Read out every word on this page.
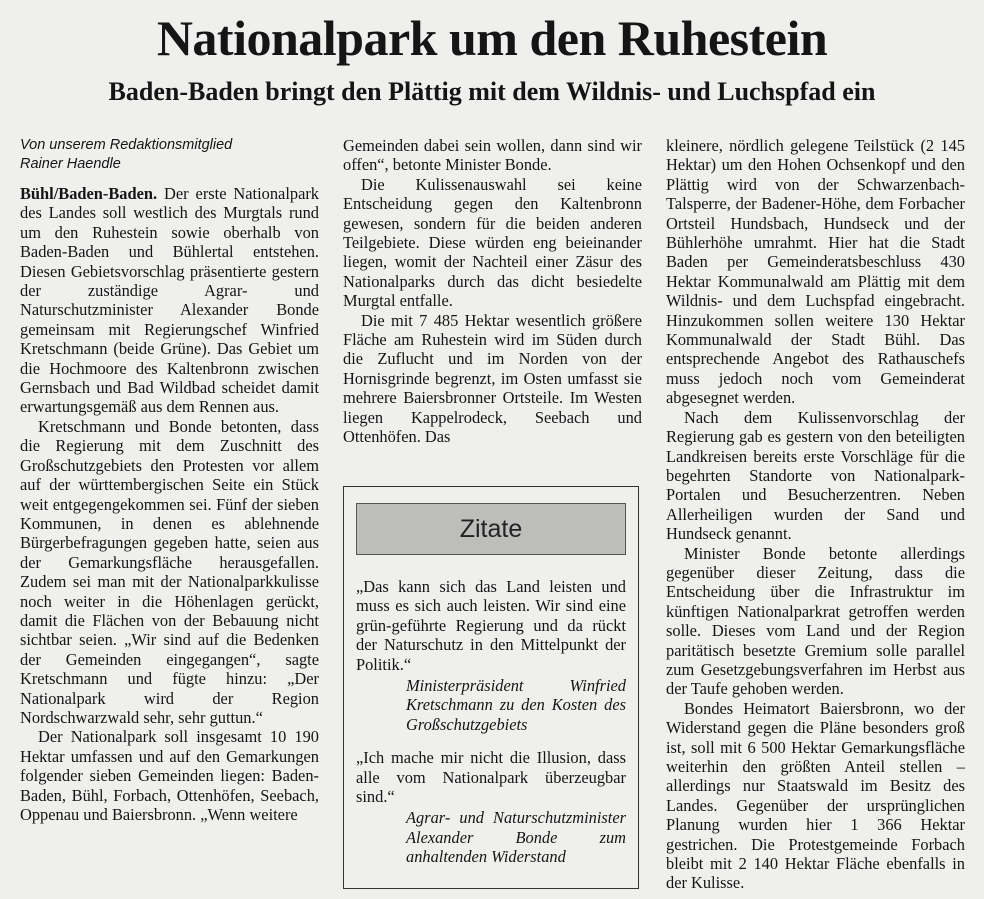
Nationalpark um den Ruhestein
Baden-Baden bringt den Plättig mit dem Wildnis- und Luchspfad ein
Von unserem Redaktionsmitglied
Rainer Haendle

Bühl/Baden-Baden. Der erste Nationalpark des Landes soll westlich des Murgtals rund um den Ruhestein sowie oberhalb von Baden-Baden und Bühlertal entstehen. Diesen Gebietsvorschlag präsentierte gestern der zuständige Agrar- und Naturschutzminister Alexander Bonde gemeinsam mit Regierungschef Winfried Kretschmann (beide Grüne). Das Gebiet um die Hochmoore des Kaltenbronn zwischen Gernsbach und Bad Wildbad scheidet damit erwartungsgemäß aus dem Rennen aus.

Kretschmann und Bonde betonten, dass die Regierung mit dem Zuschnitt des Großschutzgebiets den Protesten vor allem auf der württembergischen Seite ein Stück weit entgegengekommen sei. Fünf der sieben Kommunen, in denen es ablehnende Bürgerbefragungen gegeben hatte, seien aus der Gemarkungsfläche herausgefallen. Zudem sei man mit der Nationalparkkulisse noch weiter in die Höhenlagen gerückt, damit die Flächen von der Bebauung nicht sichtbar seien. „Wir sind auf die Bedenken der Gemeinden eingegangen“, sagte Kretschmann und fügte hinzu: „Der Nationalpark wird der Region Nordschwarzwald sehr, sehr guttun.“

Der Nationalpark soll insgesamt 10 190 Hektar umfassen und auf den Gemarkungen folgender sieben Gemeinden liegen: Baden-Baden, Bühl, Forbach, Ottenhöfen, Seebach, Oppenau und Baiersbronn. „Wenn weitere

Gemeinden dabei sein wollen, dann sind wir offen“, betonte Minister Bonde.

Die Kulissenauswahl sei keine Entscheidung gegen den Kaltenbronn gewesen, sondern für die beiden anderen Teilgebiete. Diese würden eng beieinander liegen, womit der Nachteil einer Zäsur des Nationalparks durch das dicht besiedelte Murgtal entfalle.

Die mit 7 485 Hektar wesentlich größere Fläche am Ruhestein wird im Süden durch die Zuflucht und im Norden von der Hornisgrinde begrenzt, im Osten umfasst sie mehrere Baiersbronner Ortsteile. Im Westen liegen Kappelrodeck, Seebach und Ottenhöfen. Das

Zitate

„Das kann sich das Land leisten und muss es sich auch leisten. Wir sind eine grün-geführte Regierung und da rückt der Naturschutz in den Mittelpunkt der Politik.“

Ministerpräsident Winfried Kretschmann zu den Kosten des Großschutzgebiets

„Ich mache mir nicht die Illusion, dass alle vom Nationalpark überzeugbar sind.“

Agrar- und Naturschutzminister Alexander Bonde zum anhaltenden Widerstand

kleinere, nördlich gelegene Teilstück (2 145 Hektar) um den Hohen Ochsenkopf und den Plättig wird von der Schwarzenbach-Talsperre, der Badener-Höhe, dem Forbacher Ortsteil Hundsbach, Hundseck und der Bühlerhöhe umrahmt. Hier hat die Stadt Baden per Gemeinderatsbeschluss 430 Hektar Kommunalwald am Plättig mit dem Wildnis- und dem Luchspfad eingebracht. Hinzukommen sollen weitere 130 Hektar Kommunalwald der Stadt Bühl. Das entsprechende Angebot des Rathauschefs muss jedoch noch vom Gemeinderat abgesegnet werden.

Nach dem Kulissenvorschlag der Regierung gab es gestern von den beteiligten Landkreisen bereits erste Vorschläge für die begehrten Standorte von Nationalpark-Portalen und Besucherzentren. Neben Allerheiligen wurden der Sand und Hundseck genannt.

Minister Bonde betonte allerdings gegenüber dieser Zeitung, dass die Entscheidung über die Infrastruktur im künftigen Nationalparkrat getroffen werden solle. Dieses vom Land und der Region paritätisch besetzte Gremium solle parallel zum Gesetzgebungsverfahren im Herbst aus der Taufe gehoben werden.

Bondes Heimatort Baiersbronn, wo der Widerstand gegen die Pläne besonders groß ist, soll mit 6 500 Hektar Gemarkungsfläche weiterhin den größten Anteil stellen – allerdings nur Staatswald im Besitz des Landes. Gegenüber der ursprünglichen Planung wurden hier 1 366 Hektar gestrichen. Die Protestgemeinde Forbach bleibt mit 2 140 Hektar Fläche ebenfalls in der Kulisse.
